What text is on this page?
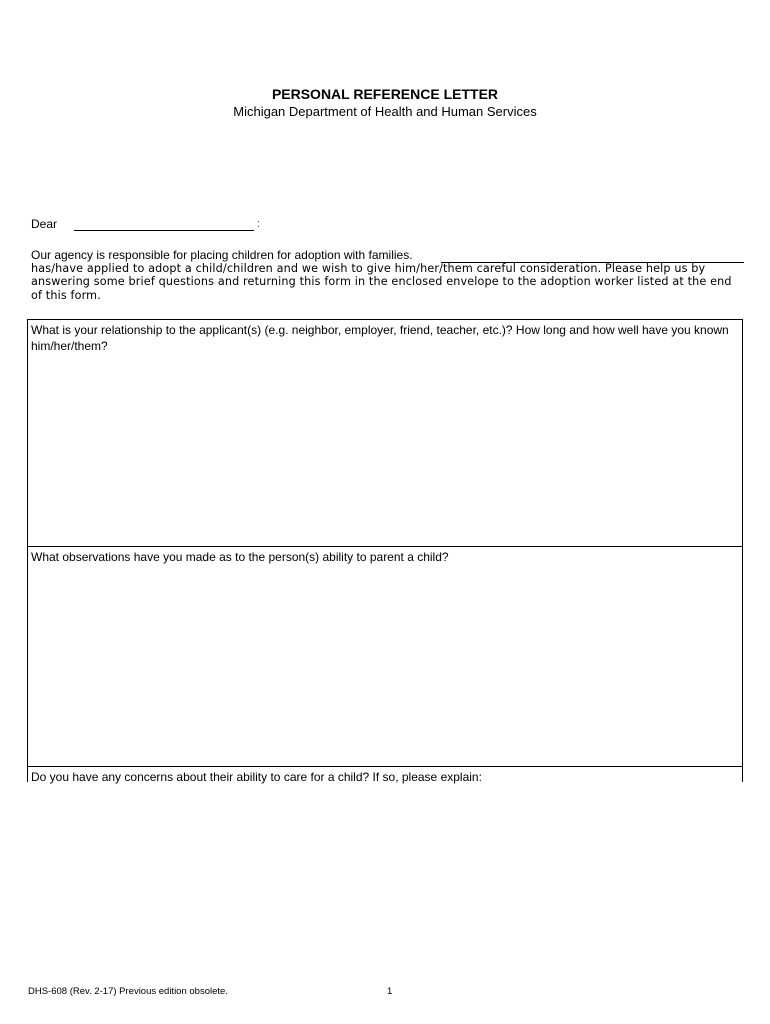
PERSONAL REFERENCE LETTER
Michigan Department of Health and Human Services
Dear	:
Our agency is responsible for placing children for adoption with families.

has/have applied to adopt a child/children and we wish to give him/her/them careful consideration. Please help us by answering some brief questions and returning this form in the enclosed envelope to the adoption worker listed at the end of this form.

What is your relationship to the applicant(s) (e.g. neighbor, employer, friend, teacher, etc.)? How long and how well have you known him/her/them?

What observations have you made as to the person(s) ability to parent a child?

Do you have any concerns about their ability to care for a child? If so, please explain:

DHS-608 (Rev. 2-17) Previous edition obsolete.	1
